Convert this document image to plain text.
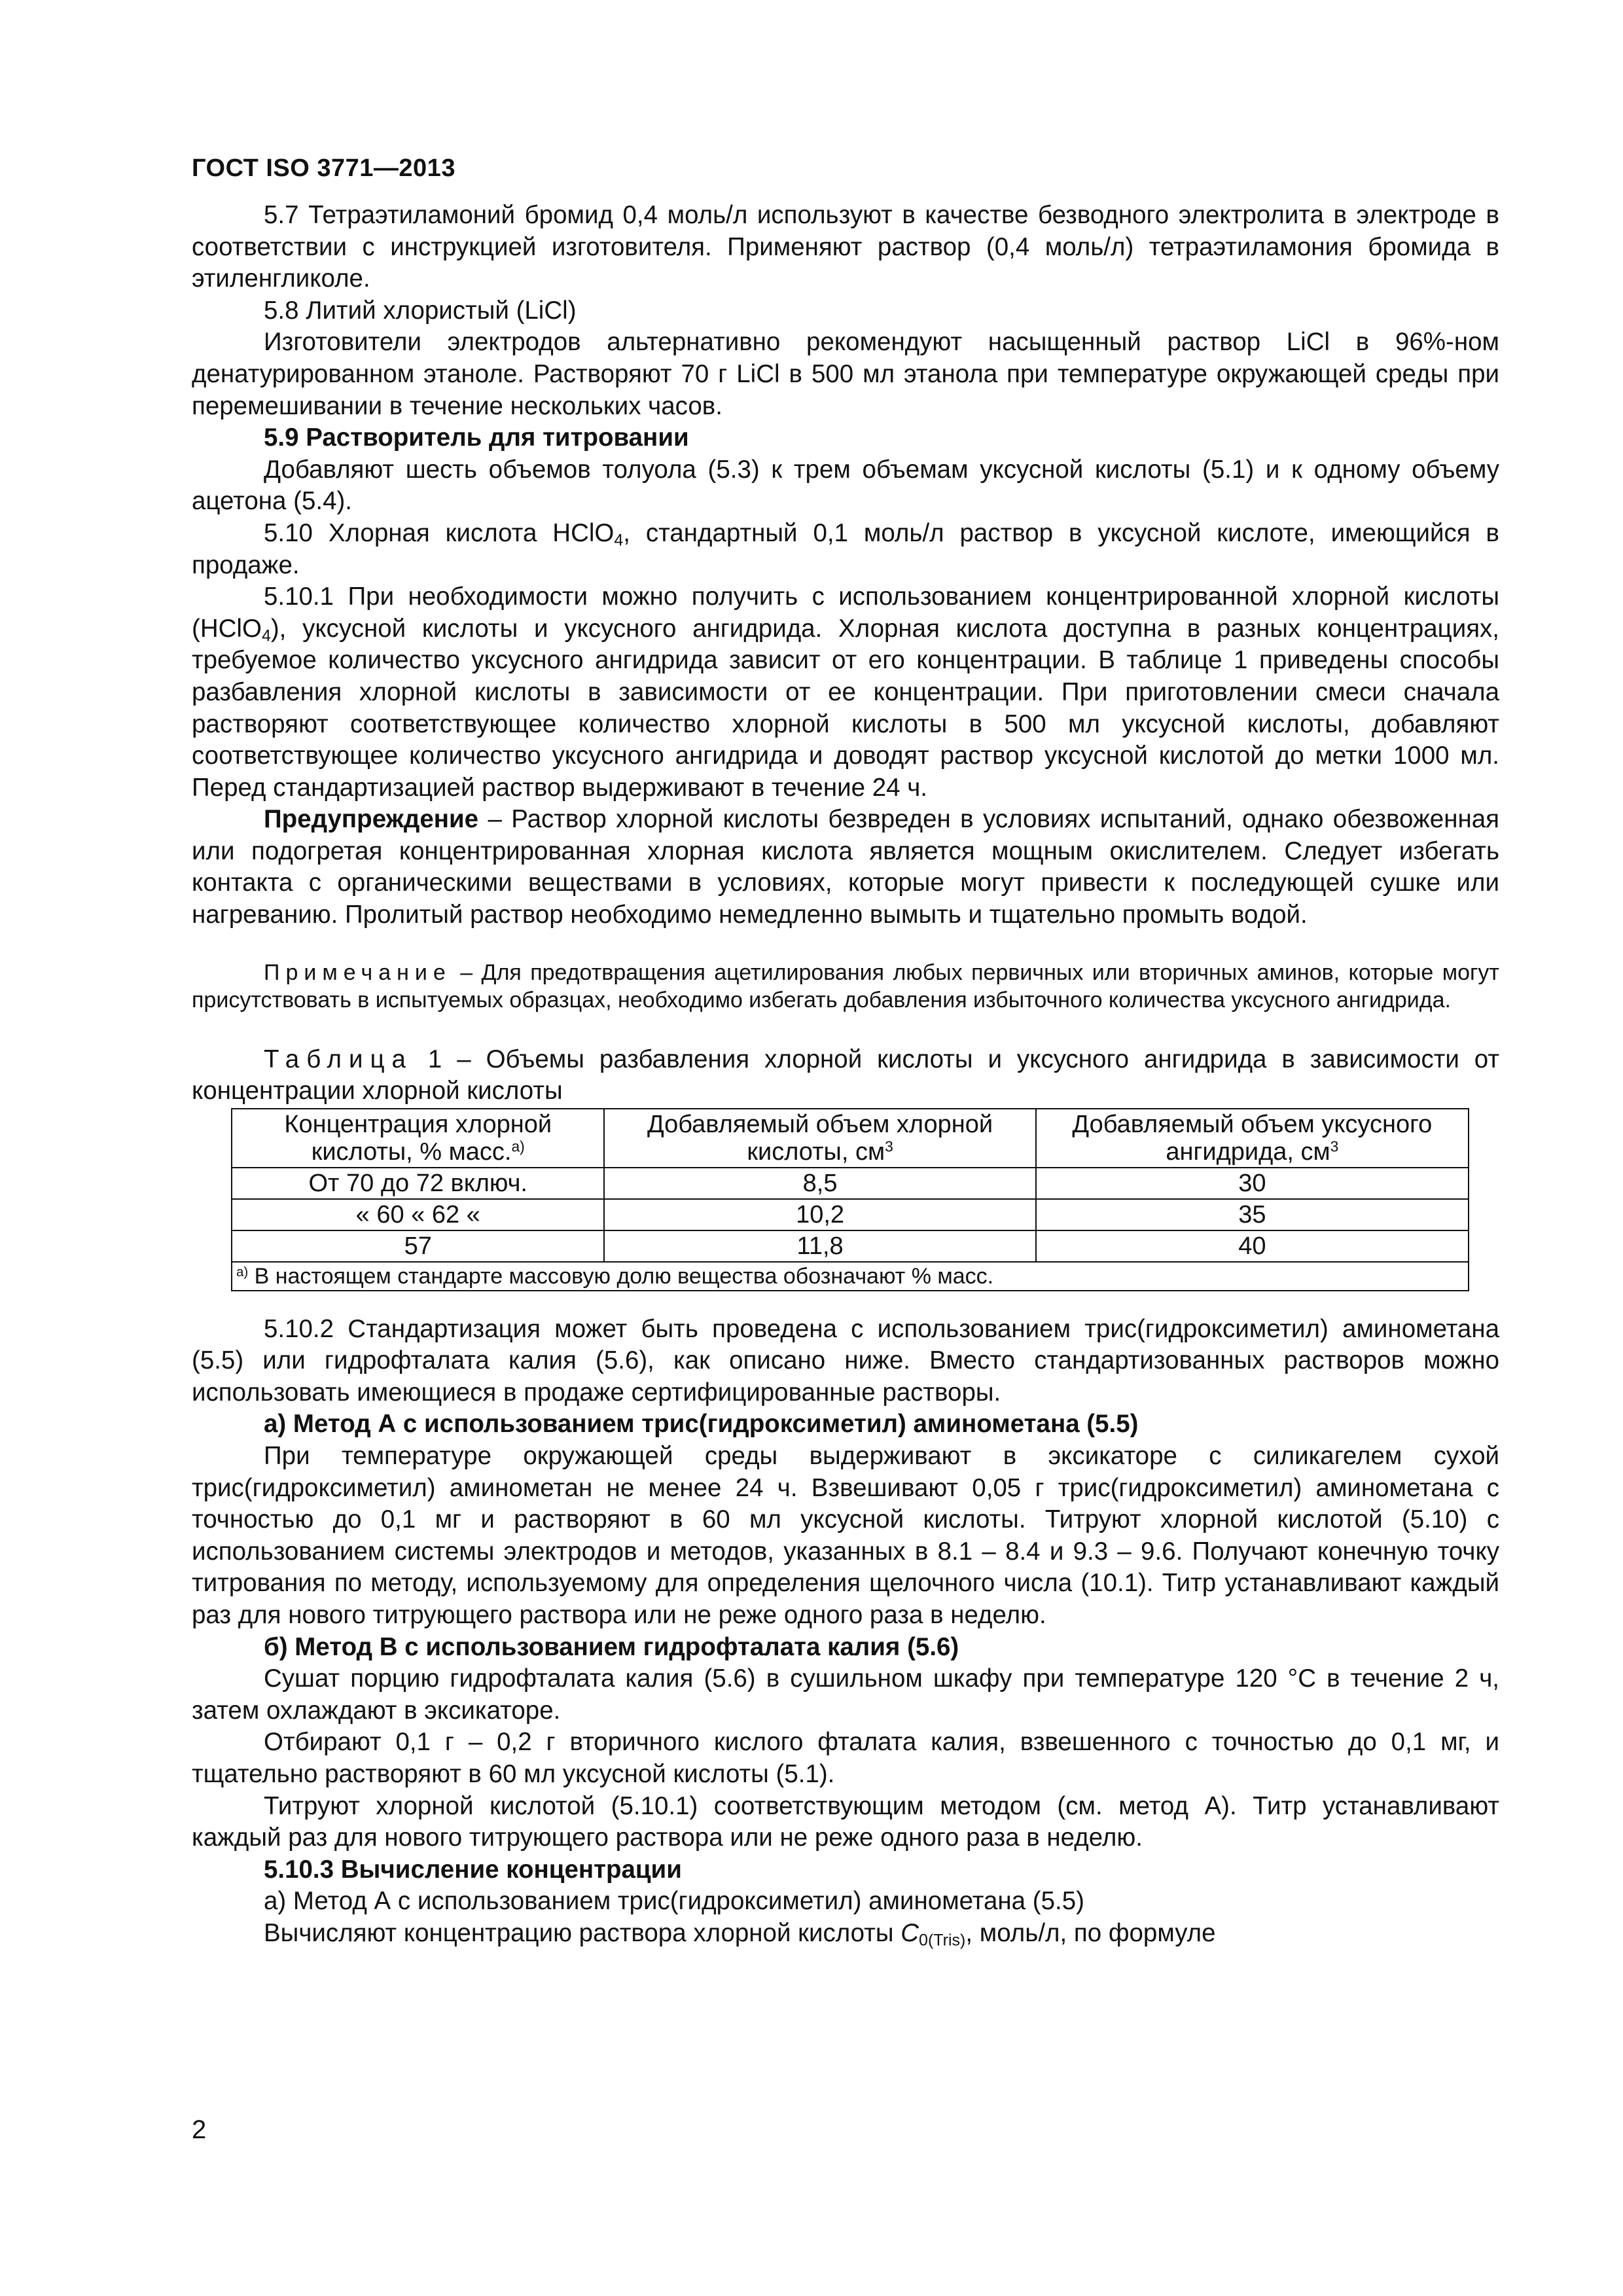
ГОСТ ISO 3771—2013

5.7 Тетраэтиламоний бромид 0,4 моль/л используют в качестве безводного электролита в электроде в соответствии с инструкцией изготовителя. Применяют раствор (0,4 моль/л) тетраэтиламония бромида в этиленгликоле.

5.8 Литий хлористый (LiCl)

Изготовители электродов альтернативно рекомендуют насыщенный раствор LiCl в 96%-ном денатурированном этаноле. Растворяют 70 г LiCl в 500 мл этанола при температуре окружающей среды при перемешивании в течение нескольких часов.

5.9 Растворитель для титровании

Добавляют шесть объемов толуола (5.3) к трем объемам уксусной кислоты (5.1) и к одному объему ацетона (5.4).

5.10 Хлорная кислота HClO$_4$, стандартный 0,1 моль/л раствор в уксусной кислоте, имеющийся в продаже.

5.10.1 При необходимости можно получить с использованием концентрированной хлорной кислоты (HClO$_4$), уксусной кислоты и уксусного ангидрида. Хлорная кислота доступна в разных концентрациях, требуемое количество уксусного ангидрида зависит от его концентрации. В таблице 1 приведены способы разбавления хлорной кислоты в зависимости от ее концентрации. При приготовлении смеси сначала растворяют соответствующее количество хлорной кислоты в 500 мл уксусной кислоты, добавляют соответствующее количество уксусного ангидрида и доводят раствор уксусной кислотой до метки 1000 мл. Перед стандартизацией раствор выдерживают в течение 24 ч.

Предупреждение – Раствор хлорной кислоты безвреден в условиях испытаний, однако обезвоженная или подогретая концентрированная хлорная кислота является мощным окислителем. Следует избегать контакта с органическими веществами в условиях, которые могут привести к последующей сушке или нагреванию. Пролитый раствор необходимо немедленно вымыть и тщательно промыть водой.

Примечание – Для предотвращения ацетилирования любых первичных или вторичных аминов, которые могут присутствовать в испытуемых образцах, необходимо избегать добавления избыточного количества уксусного ангидрида.

Таблица 1 – Объемы разбавления хлорной кислоты и уксусного ангидрида в зависимости от концентрации хлорной кислоты

Концентрация хлорной кислоты, % масс.$^{а)}$	Добавляемый объем хлорной кислоты, $см^3$	Добавляемый объем уксусного ангидрида, $см^3$
От 70 до 72 включ.	8,5	30
« 60 « 62 «	10,2	35
57	11,8	40
$^{а)}$ В настоящем стандарте массовую долю вещества обозначают % масс.		

5.10.2 Стандартизация может быть проведена с использованием трис(гидроксиметил) аминометана (5.5) или гидрофталата калия (5.6), как описано ниже. Вместо стандартизованных растворов можно использовать имеющиеся в продаже сертифицированные растворы.

а) Метод А с использованием трис(гидроксиметил) аминометана (5.5)

При температуре окружающей среды выдерживают в эксикаторе с силикагелем сухой трис(гидроксиметил) аминометан не менее 24 ч. Взвешивают 0,05 г трис(гидроксиметил) аминометана с точностью до 0,1 мг и растворяют в 60 мл уксусной кислоты. Титруют хлорной кислотой (5.10) с использованием системы электродов и методов, указанных в 8.1 – 8.4 и 9.3 – 9.6. Получают конечную точку титрования по методу, используемому для определения щелочного числа (10.1). Титр устанавливают каждый раз для нового титрующего раствора или не реже одного раза в неделю.

б) Метод В с использованием гидрофталата калия (5.6)

Сушат порцию гидрофталата калия (5.6) в сушильном шкафу при температуре 120 °С в течение 2 ч, затем охлаждают в эксикаторе.

Отбирают 0,1 г – 0,2 г вторичного кислого фталата калия, взвешенного с точностью до 0,1 мг, и тщательно растворяют в 60 мл уксусной кислоты (5.1).

Титруют хлорной кислотой (5.10.1) соответствующим методом (см. метод А). Титр устанавливают каждый раз для нового титрующего раствора или не реже одного раза в неделю.

5.10.3 Вычисление концентрации

а) Метод А с использованием трис(гидроксиметил) аминометана (5.5)

Вычисляют концентрацию раствора хлорной кислоты $C_{0(Tris)}$, моль/л, по формуле

2
